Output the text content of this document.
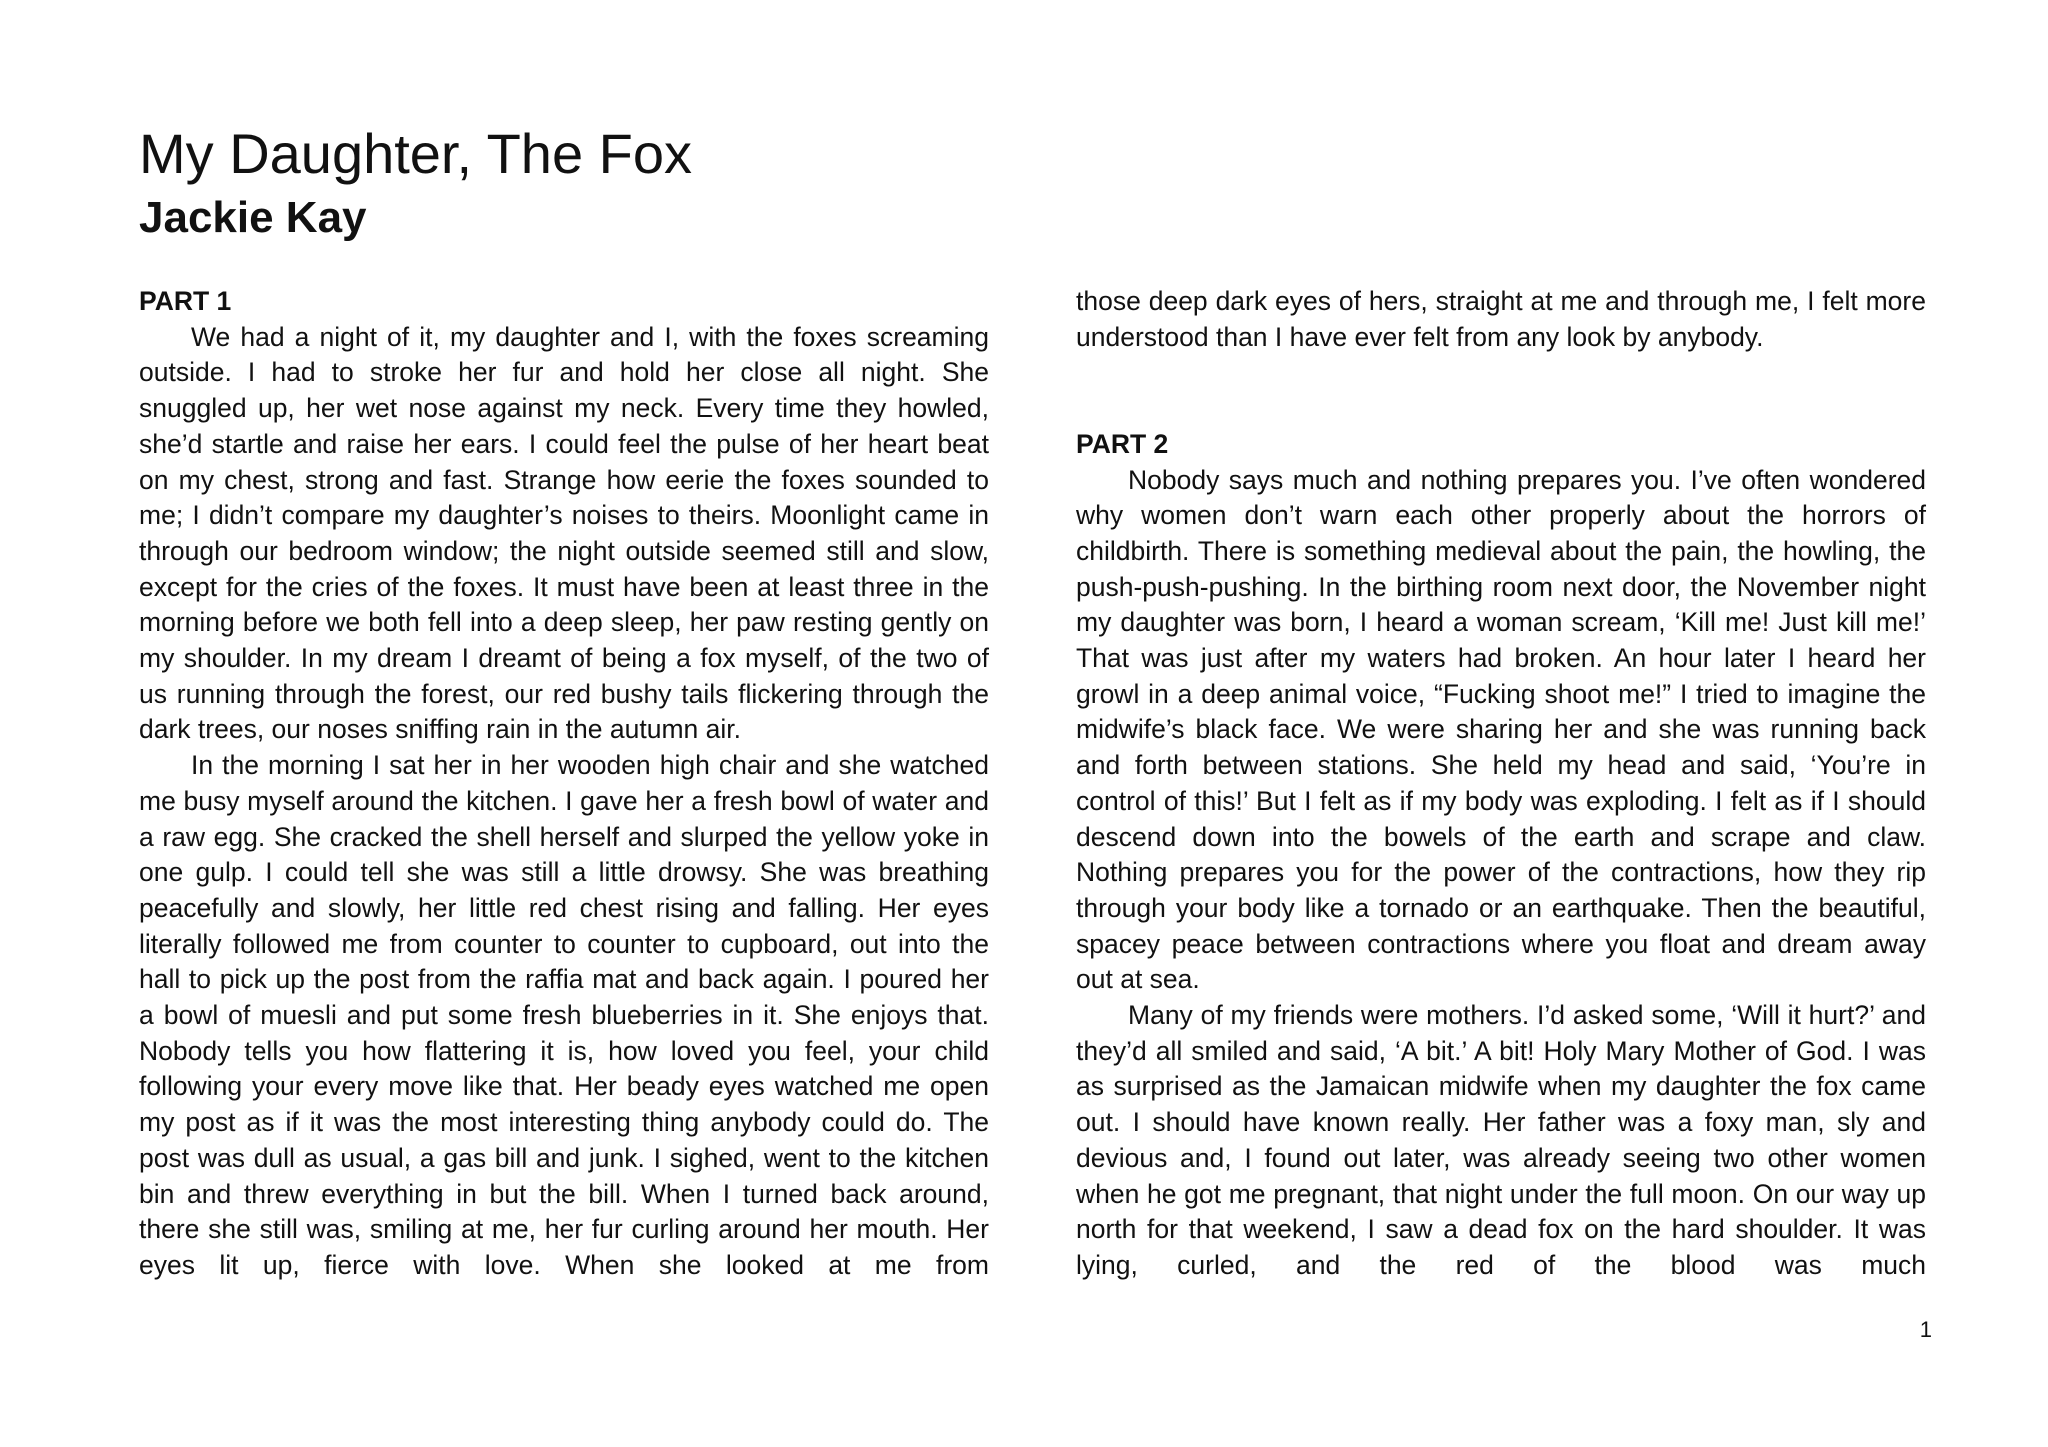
My Daughter, The Fox
Jackie Kay

PART 1

We had a night of it, my daughter and I, with the foxes screaming outside. I had to stroke her fur and hold her close all night. She snuggled up, her wet nose against my neck. Every time they howled, she’d startle and raise her ears. I could feel the pulse of her heart beat on my chest, strong and fast. Strange how eerie the foxes sounded to me; I didn’t compare my daughter’s noises to theirs. Moonlight came in through our bedroom window; the night outside seemed still and slow, except for the cries of the foxes. It must have been at least three in the morning before we both fell into a deep sleep, her paw resting gently on my shoulder. In my dream I dreamt of being a fox myself, of the two of us running through the forest, our red bushy tails flickering through the dark trees, our noses sniffing rain in the autumn air.

In the morning I sat her in her wooden high chair and she watched me busy myself around the kitchen. I gave her a fresh bowl of water and a raw egg. She cracked the shell herself and slurped the yellow yoke in one gulp. I could tell she was still a little drowsy. She was breathing peacefully and slowly, her little red chest rising and falling. Her eyes literally followed me from counter to counter to cupboard, out into the hall to pick up the post from the raffia mat and back again. I poured her a bowl of muesli and put some fresh blueberries in it. She enjoys that. Nobody tells you how flattering it is, how loved you feel, your child following your every move like that. Her beady eyes watched me open my post as if it was the most interesting thing anybody could do. The post was dull as usual, a gas bill and junk. I sighed, went to the kitchen bin and threw everything in but the bill. When I turned back around, there she still was, smiling at me, her fur curling around her mouth. Her eyes lit up, fierce with love. When she looked at me from

those deep dark eyes of hers, straight at me and through me, I felt more understood than I have ever felt from any look by anybody.

PART 2

Nobody says much and nothing prepares you. I’ve often wondered why women don’t warn each other properly about the horrors of childbirth. There is something medieval about the pain, the howling, the push-push-pushing. In the birthing room next door, the November night my daughter was born, I heard a woman scream, ‘Kill me! Just kill me!’ That was just after my waters had broken. An hour later I heard her growl in a deep animal voice, “Fucking shoot me!” I tried to imagine the midwife’s black face. We were sharing her and she was running back and forth between stations. She held my head and said, ‘You’re in control of this!’ But I felt as if my body was exploding. I felt as if I should descend down into the bowels of the earth and scrape and claw. Nothing prepares you for the power of the contractions, how they rip through your body like a tornado or an earthquake. Then the beautiful, spacey peace between contractions where you float and dream away out at sea.

Many of my friends were mothers. I’d asked some, ‘Will it hurt?’ and they’d all smiled and said, ‘A bit.’ A bit! Holy Mary Mother of God. I was as surprised as the Jamaican midwife when my daughter the fox came out. I should have known really. Her father was a foxy man, sly and devious and, I found out later, was already seeing two other women when he got me pregnant, that night under the full moon. On our way up north for that weekend, I saw a dead fox on the hard shoulder. It was lying, curled, and the red of the blood was much

1
